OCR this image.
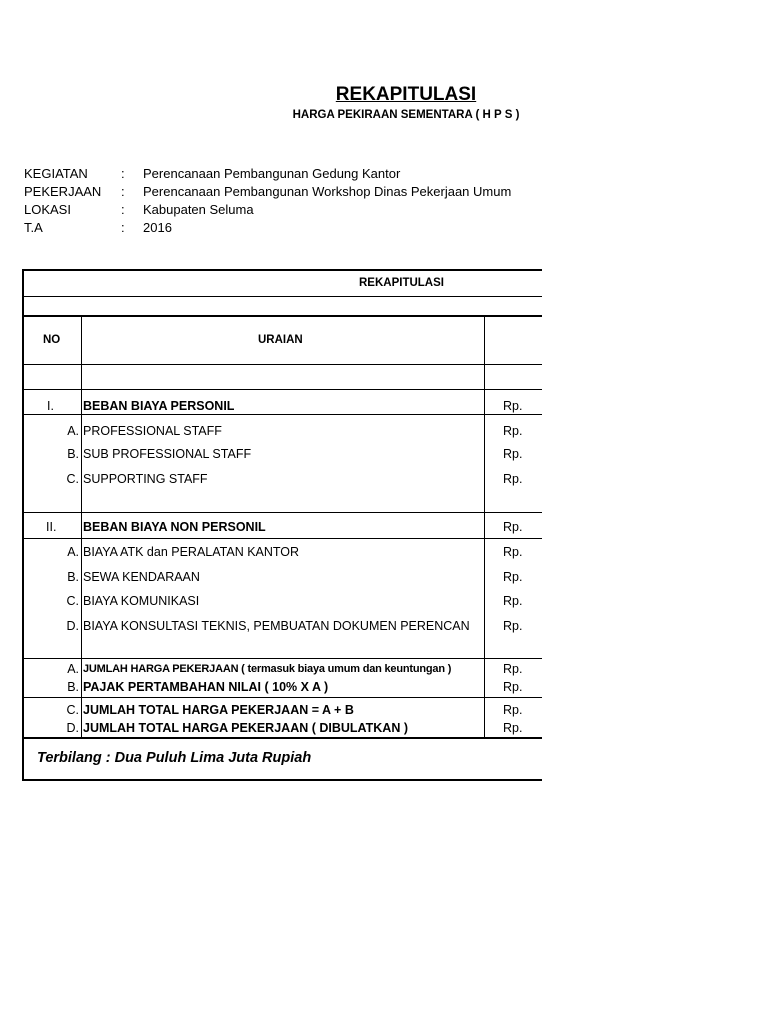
REKAPITULASI
HARGA PEKIRAAN SEMENTARA ( H P S )
KEGIATAN	: Perencanaan Pembangunan Gedung Kantor
PEKERJAAN : Perencanaan Pembangunan Workshop Dinas Pekerjaan Umum
LOKASI	: Kabupaten Seluma
T.A	: 2016
REKAPITULASI
NO	URAIAN
I. BEBAN BIAYA PERSONIL	Rp.
A. PROFESSIONAL STAFF	Rp.
B. SUB PROFESSIONAL STAFF	Rp.
C. SUPPORTING STAFF	Rp.
II. BEBAN BIAYA NON PERSONIL	Rp.
A. BIAYA ATK dan PERALATAN KANTOR	Rp.
B. SEWA KENDARAAN	Rp.
C. BIAYA KOMUNIKASI	Rp.
D. BIAYA KONSULTASI TEKNIS, PEMBUATAN DOKUMEN PERENCAN	Rp.
A. JUMLAH HARGA PEKERJAAN ( termasuk biaya umum dan keuntungan )	Rp.
B. PAJAK PERTAMBAHAN NILAI ( 10% X A )	Rp.
C. JUMLAH TOTAL HARGA PEKERJAAN = A + B	Rp.
D. JUMLAH TOTAL HARGA PEKERJAAN ( DIBULATKAN )	Rp.
Terbilang : Dua Puluh Lima Juta Rupiah
